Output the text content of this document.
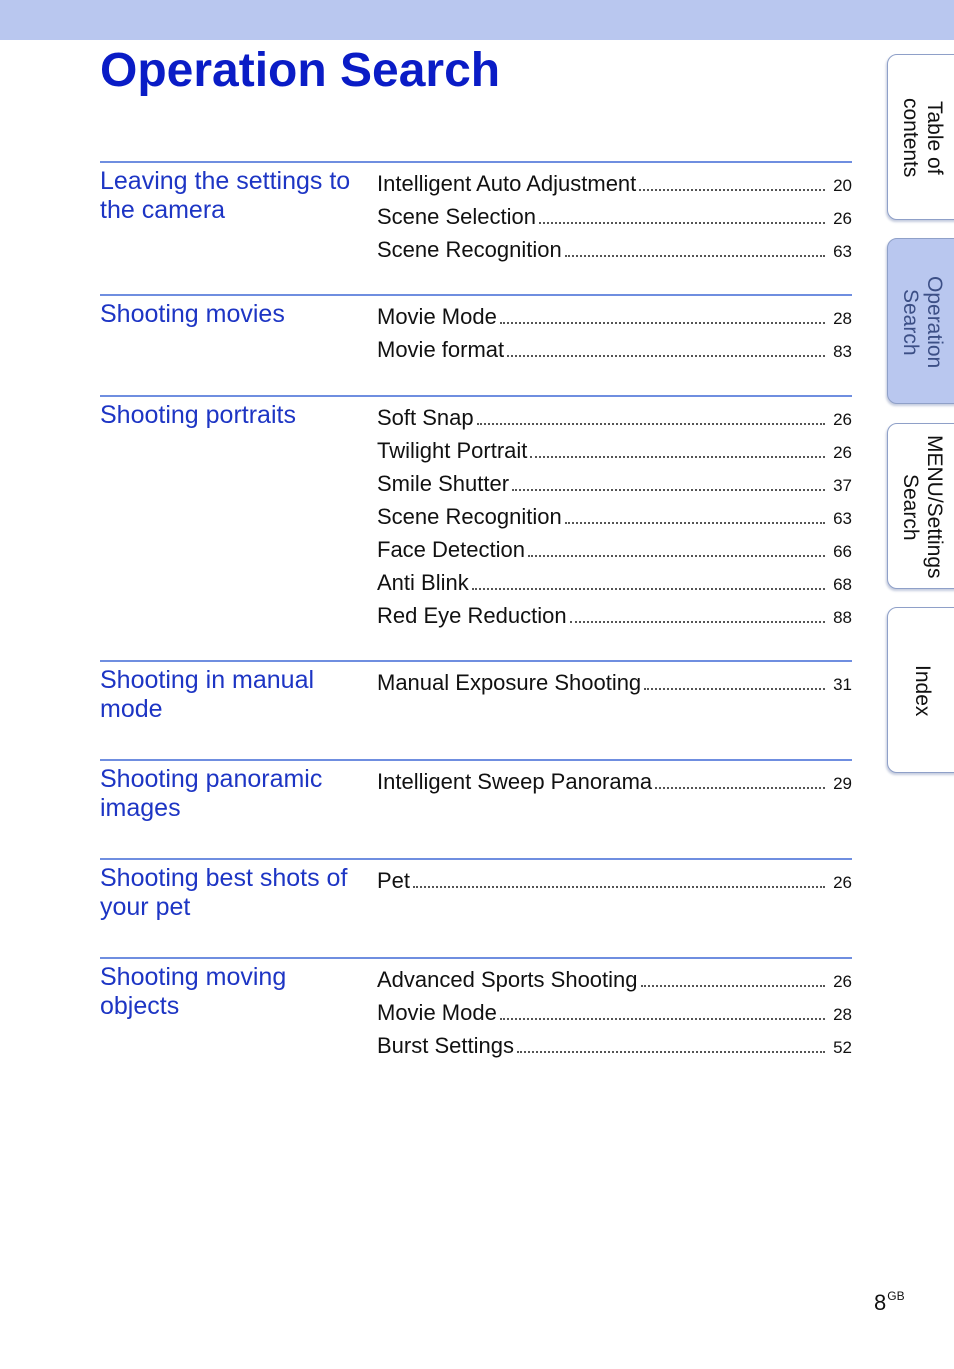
Operation Search
Leaving the settings to the camera
Intelligent Auto Adjustment	20
Scene Selection	26
Scene Recognition	63
Shooting movies	Movie Mode	28
Movie format	83
Shooting portraits	Soft Snap	26
Twilight Portrait	26
Smile Shutter	37
Scene Recognition	63
Face Detection	66
Anti Blink	68
Red Eye Reduction	88
Shooting in manual mode
Manual Exposure Shooting	31
Shooting panoramic images
Intelligent Sweep Panorama	29
Shooting best shots of your pet
Pet	26
Shooting moving objects
Advanced Sports Shooting	26
Movie Mode	28
Burst Settings	52
Table of
contents
Operation
Search
MENU/Settings
Search
Index
$8^{GB}$
